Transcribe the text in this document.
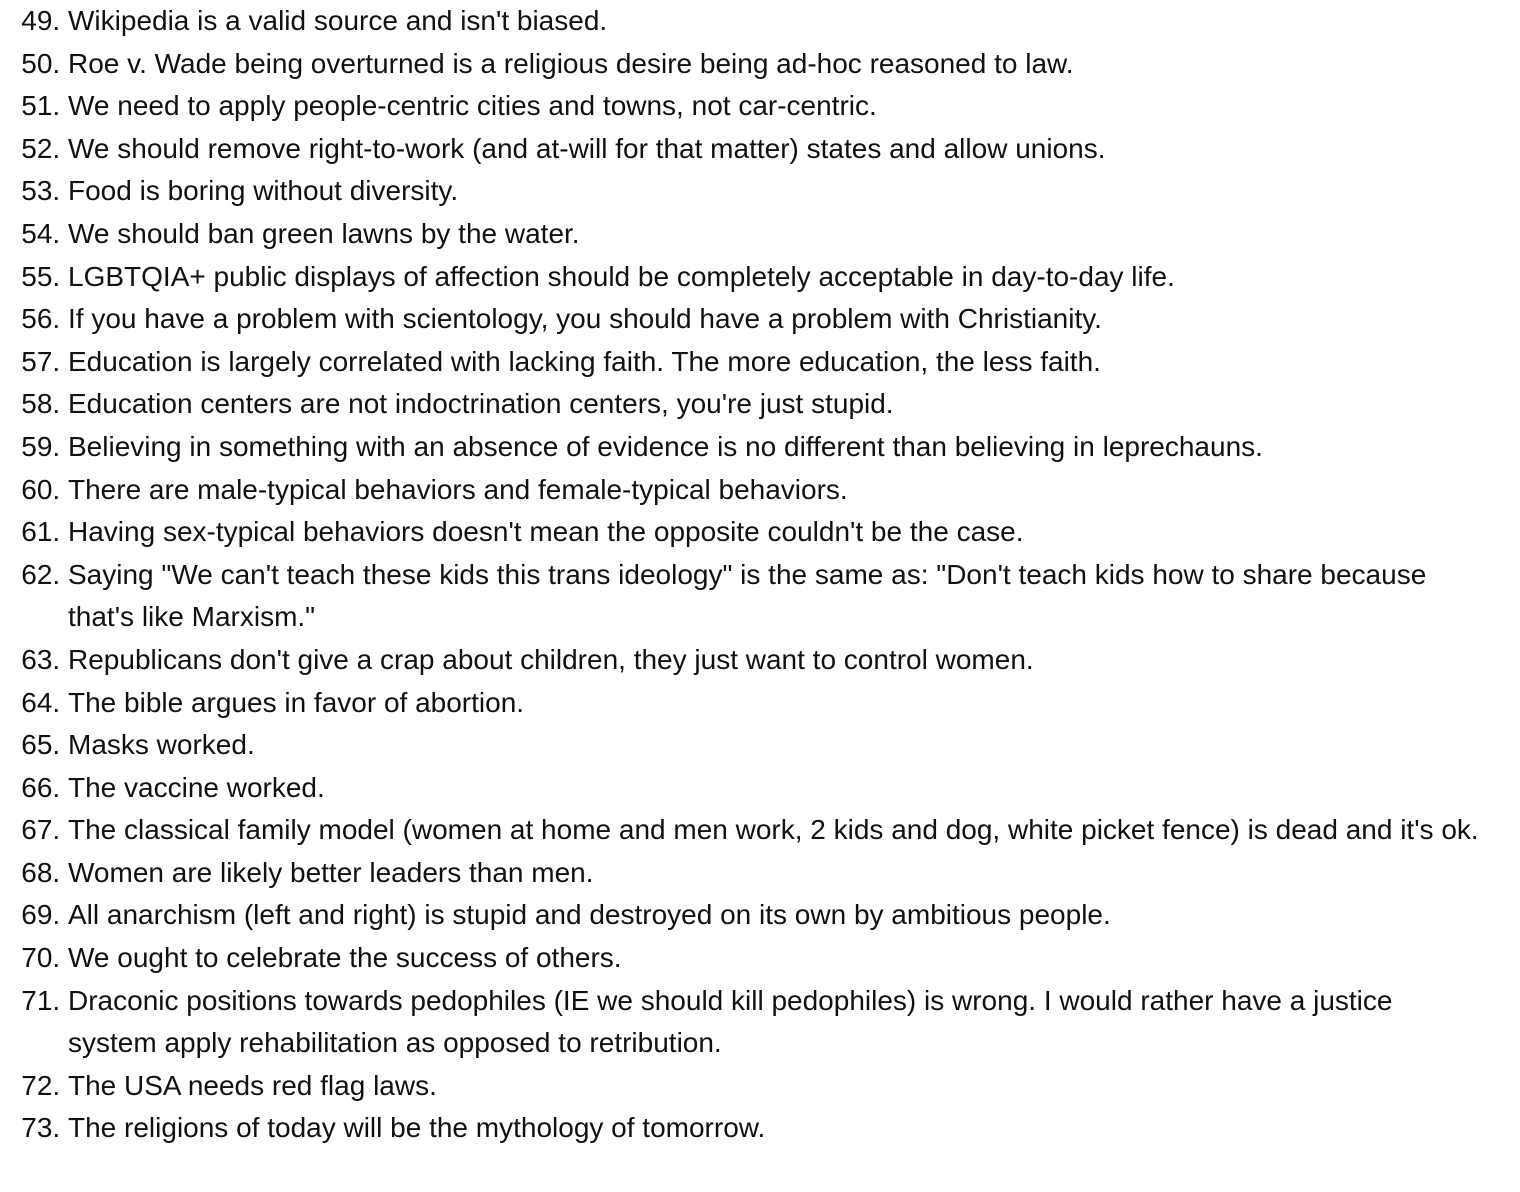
49. Wikipedia is a valid source and isn't biased.
50. Roe v. Wade being overturned is a religious desire being ad-hoc reasoned to law.
51. We need to apply people-centric cities and towns, not car-centric.
52. We should remove right-to-work (and at-will for that matter) states and allow unions.
53. Food is boring without diversity.
54. We should ban green lawns by the water.
55. LGBTQIA+ public displays of affection should be completely acceptable in day-to-day life.
56. If you have a problem with scientology, you should have a problem with Christianity.
57. Education is largely correlated with lacking faith. The more education, the less faith.
58. Education centers are not indoctrination centers, you're just stupid.
59. Believing in something with an absence of evidence is no different than believing in leprechauns.
60. There are male-typical behaviors and female-typical behaviors.
61. Having sex-typical behaviors doesn't mean the opposite couldn't be the case.
62. Saying "We can't teach these kids this trans ideology" is the same as: "Don't teach kids how to share because that's like Marxism."
63. Republicans don't give a crap about children, they just want to control women.
64. The bible argues in favor of abortion.
65. Masks worked.
66. The vaccine worked.
67. The classical family model (women at home and men work, 2 kids and dog, white picket fence) is dead and it's ok.
68. Women are likely better leaders than men.
69. All anarchism (left and right) is stupid and destroyed on its own by ambitious people.
70. We ought to celebrate the success of others.
71. Draconic positions towards pedophiles (IE we should kill pedophiles) is wrong. I would rather have a justice system apply rehabilitation as opposed to retribution.
72. The USA needs red flag laws.
73. The religions of today will be the mythology of tomorrow.
